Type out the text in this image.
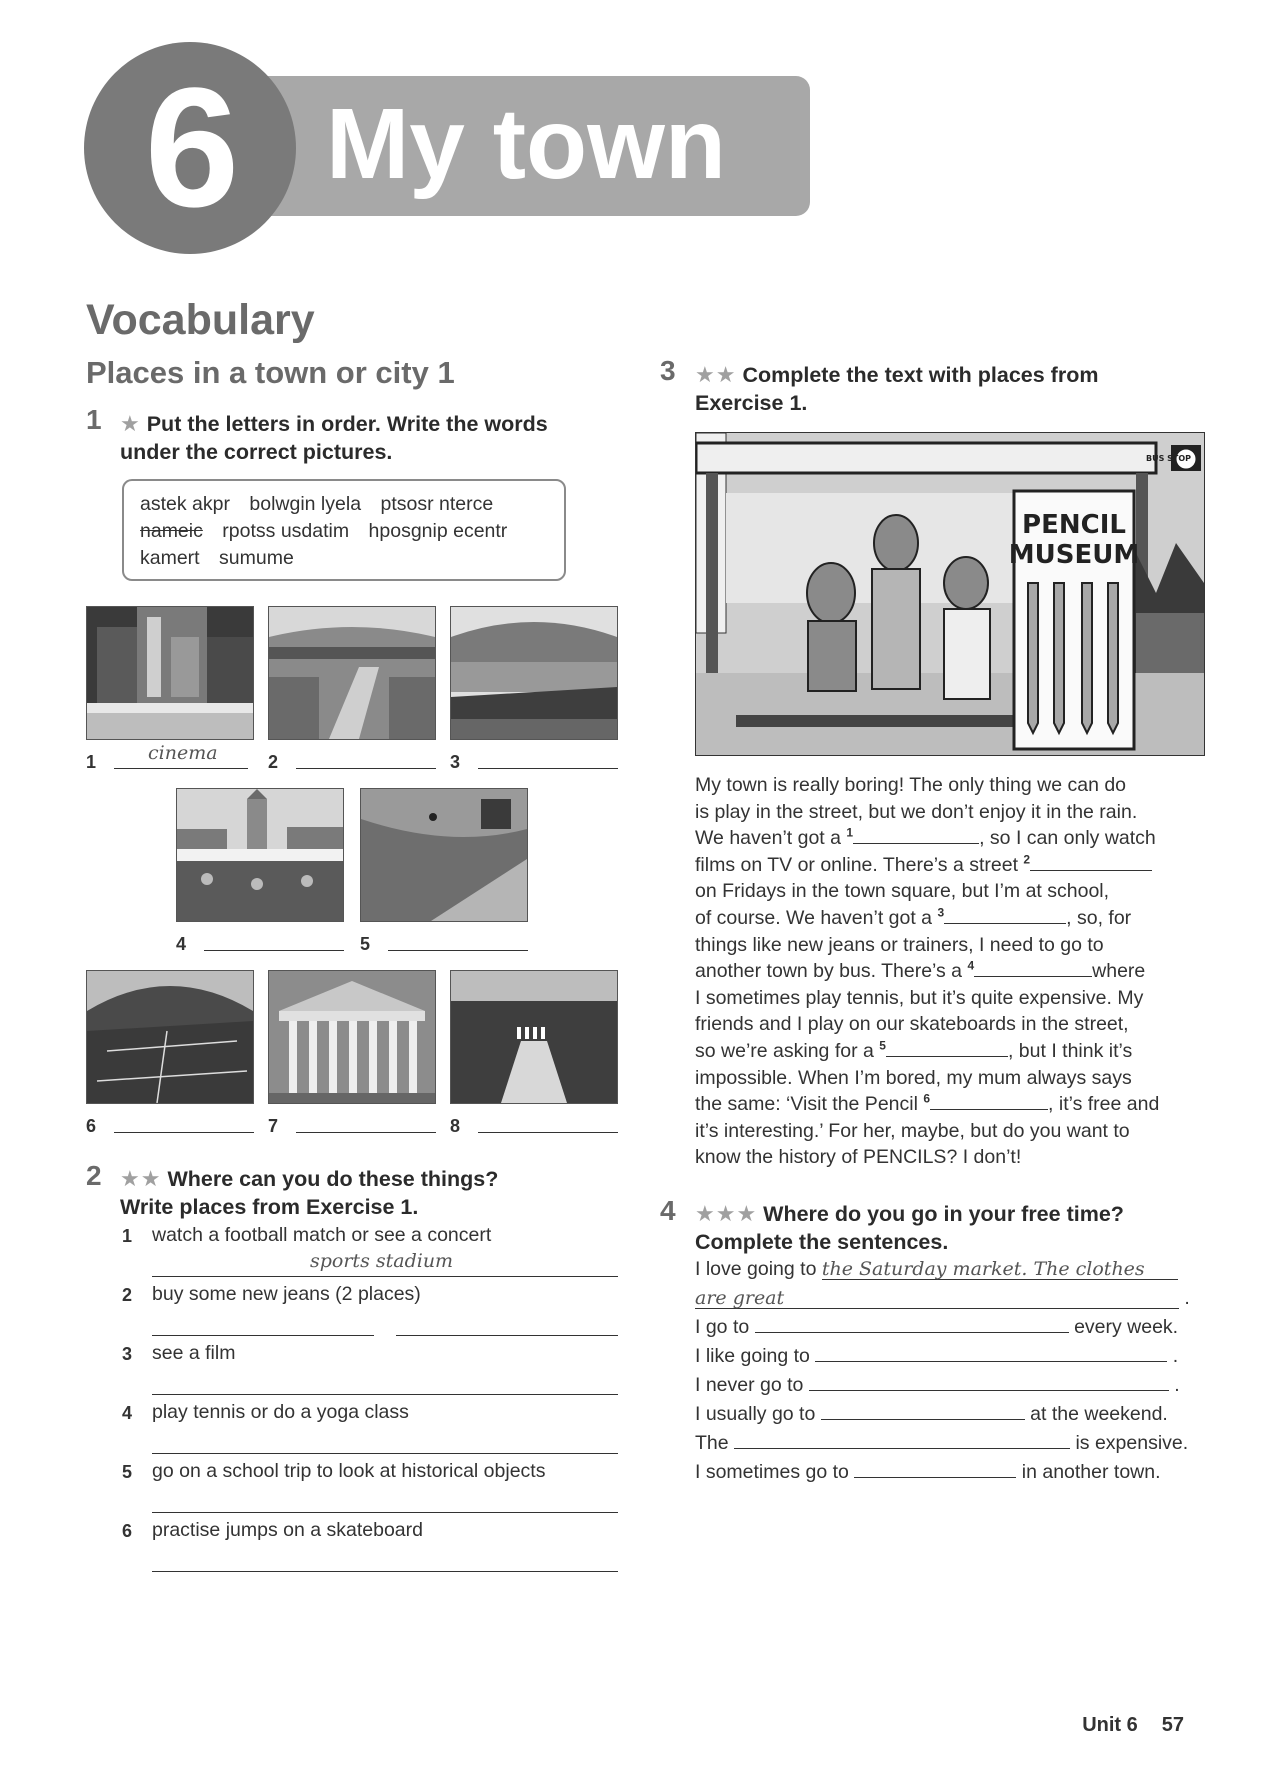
6 My town
Vocabulary
Places in a town or city 1
1 ★ Put the letters in order. Write the words
under the correct pictures.
astek akpr bolwgin lyela ptsosr nterce
nameic rpotss usdatim hposgnip ecentr
kamert sumume
1	cinema	2	3
4	5
6	7	8
2 ★★ Where can you do these things?
Write places from Exercise 1.
1 watch a football match or see a concert
sports stadium
2 buy some new jeans (2 places)
3 see a film
4 play tennis or do a yoga class
5 go on a school trip to look at historical objects
6 practise jumps on a skateboard
3 ★★ Complete the text with places from
Exercise 1.
PENCIL
MUSEUM
BUS STOP

My town is really boring! The only thing we can do

is play in the street, but we don’t enjoy it in the rain.

We haven’t got a $^1$	, so I can only watch

films on TV or online. There’s a street $^2$

on Fridays in the town square, but I’m at school,

of course. We haven’t got a $^3$	, so, for

things like new jeans or trainers, I need to go to

another town by bus. There’s a $^4$	where

I sometimes play tennis, but it’s quite expensive. My

friends and I play on our skateboards in the street,

so we’re asking for a $^5$	, but I think it’s

impossible. When I’m bored, my mum always says

the same: ‘Visit the Pencil $^6$	, it’s free and

it’s interesting.’ For her, maybe, but do you want to

know the history of PENCILS? I don’t!

4 ★★★ Where do you go in your free time?
Complete the sentences.
I love going to the Saturday market. The clothes
are great	.
I go to	every week.
I like going to	.
I never go to	.
I usually go to	at the weekend.
The	is expensive.
I sometimes go to	in another town.
Unit 6 57
